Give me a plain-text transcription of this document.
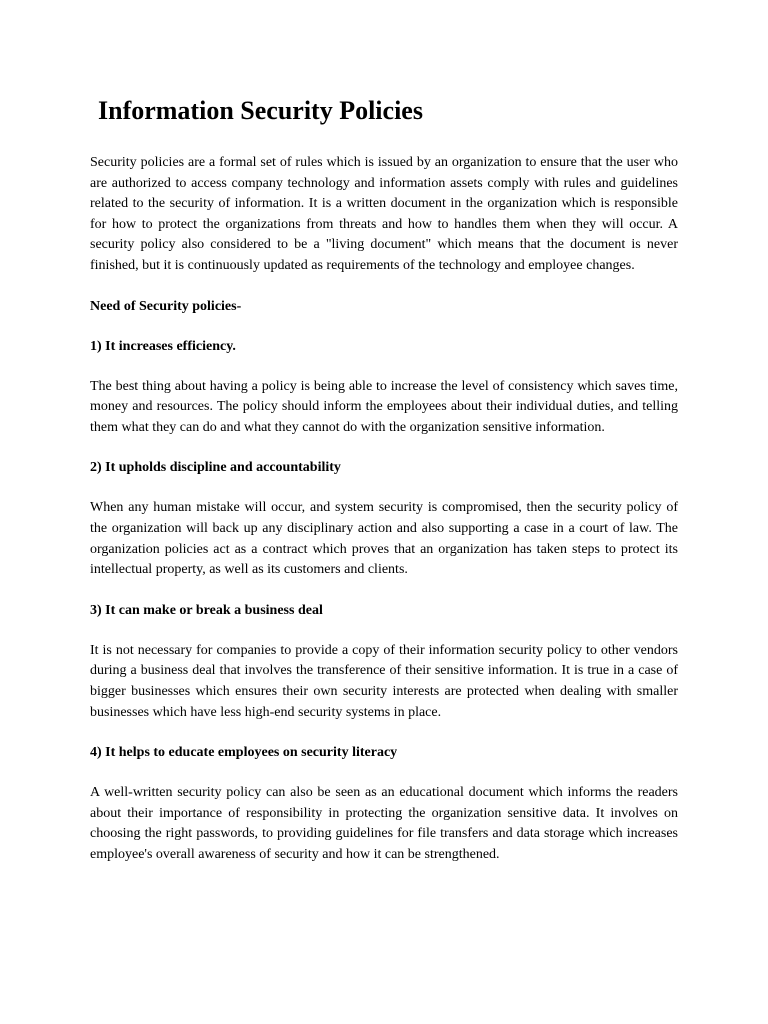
Information Security Policies

Security policies are a formal set of rules which is issued by an organization to ensure that the user who are authorized to access company technology and information assets comply with rules and guidelines related to the security of information. It is a written document in the organization which is responsible for how to protect the organizations from threats and how to handles them when they will occur. A security policy also considered to be a "living document" which means that the document is never finished, but it is continuously updated as requirements of the technology and employee changes.

Need of Security policies-

1) It increases efficiency.

The best thing about having a policy is being able to increase the level of consistency which saves time, money and resources. The policy should inform the employees about their individual duties, and telling them what they can do and what they cannot do with the organization sensitive information.

2) It upholds discipline and accountability

When any human mistake will occur, and system security is compromised, then the security policy of the organization will back up any disciplinary action and also supporting a case in a court of law. The organization policies act as a contract which proves that an organization has taken steps to protect its intellectual property, as well as its customers and clients.

3) It can make or break a business deal

It is not necessary for companies to provide a copy of their information security policy to other vendors during a business deal that involves the transference of their sensitive information. It is true in a case of bigger businesses which ensures their own security interests are protected when dealing with smaller businesses which have less high-end security systems in place.

4) It helps to educate employees on security literacy

A well-written security policy can also be seen as an educational document which informs the readers about their importance of responsibility in protecting the organization sensitive data. It involves on choosing the right passwords, to providing guidelines for file transfers and data storage which increases employee's overall awareness of security and how it can be strengthened.
